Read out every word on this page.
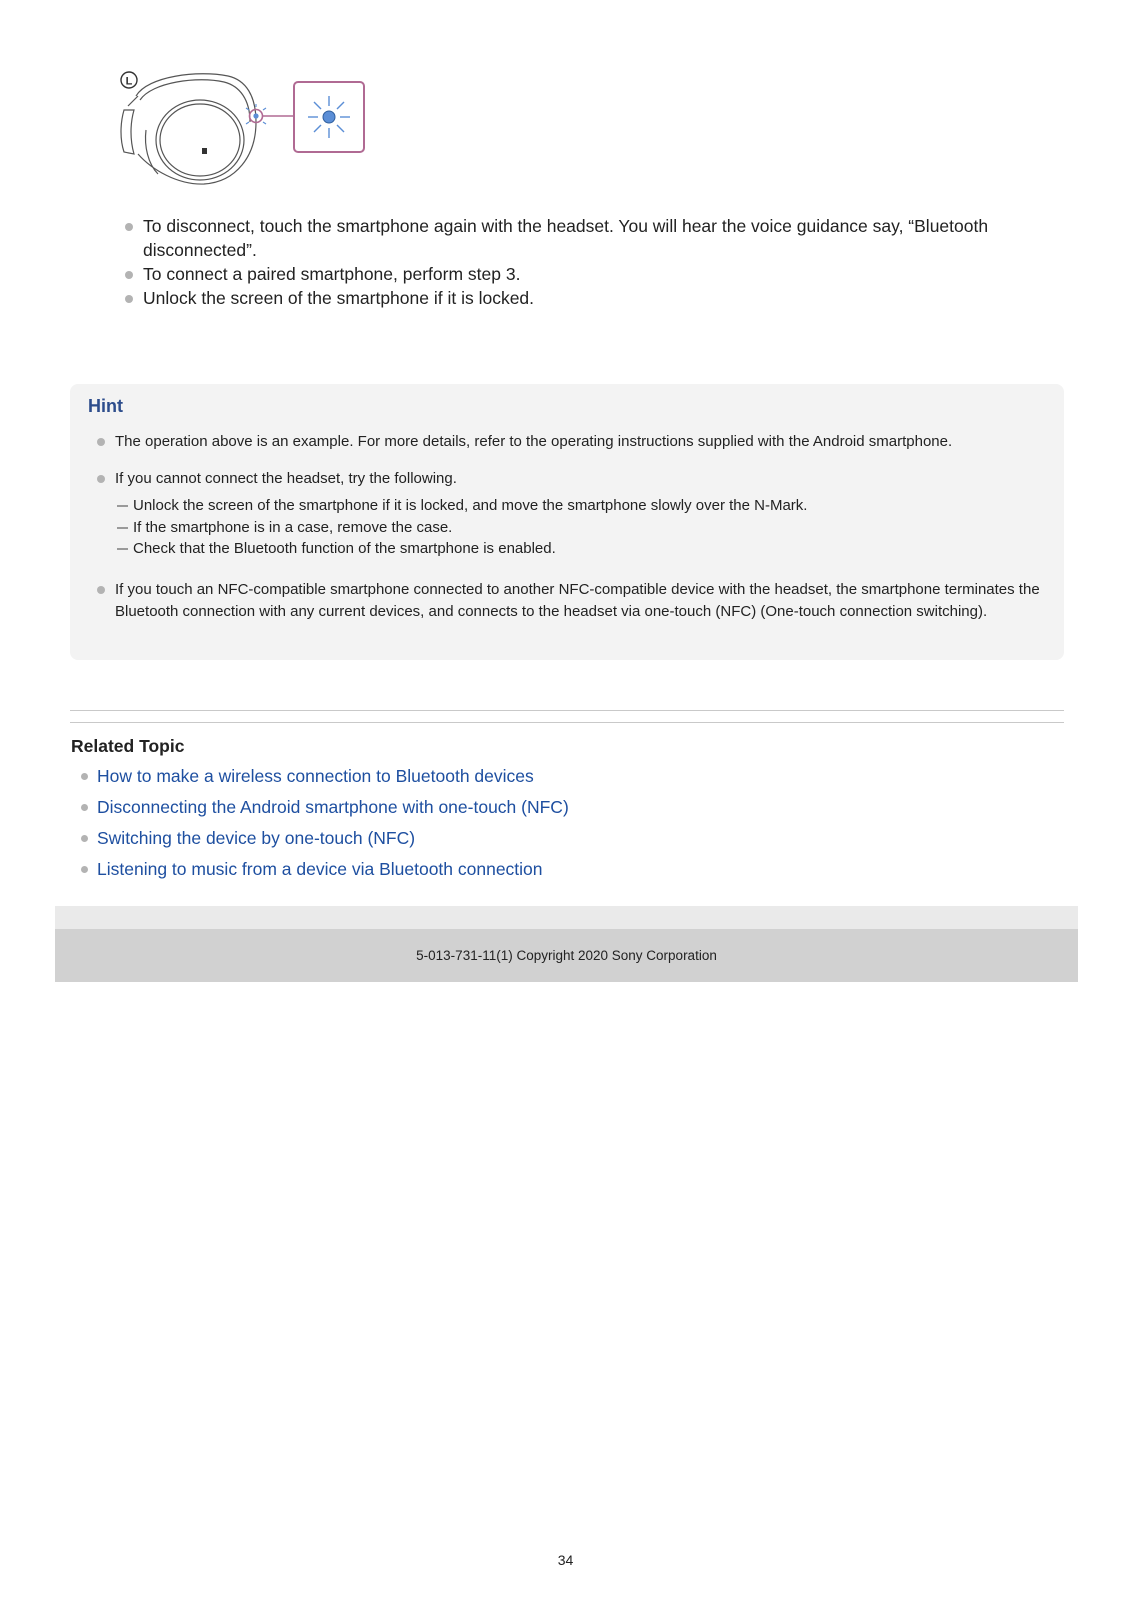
L
To disconnect, touch the smartphone again with the headset. You will hear the voice guidance say, “Bluetooth disconnected”.
To connect a paired smartphone, perform step 3.
Unlock the screen of the smartphone if it is locked.
Hint
The operation above is an example. For more details, refer to the operating instructions supplied with the Android smartphone.
If you cannot connect the headset, try the following.
Unlock the screen of the smartphone if it is locked, and move the smartphone slowly over the N-Mark.
If the smartphone is in a case, remove the case.
Check that the Bluetooth function of the smartphone is enabled.
If you touch an NFC-compatible smartphone connected to another NFC-compatible device with the headset, the smartphone terminates the Bluetooth connection with any current devices, and connects to the headset via one-touch (NFC) (One-touch connection switching).
Related Topic
How to make a wireless connection to Bluetooth devices
Disconnecting the Android smartphone with one-touch (NFC)
Switching the device by one-touch (NFC)
Listening to music from a device via Bluetooth connection
5-013-731-11(1) Copyright 2020 Sony Corporation
34
